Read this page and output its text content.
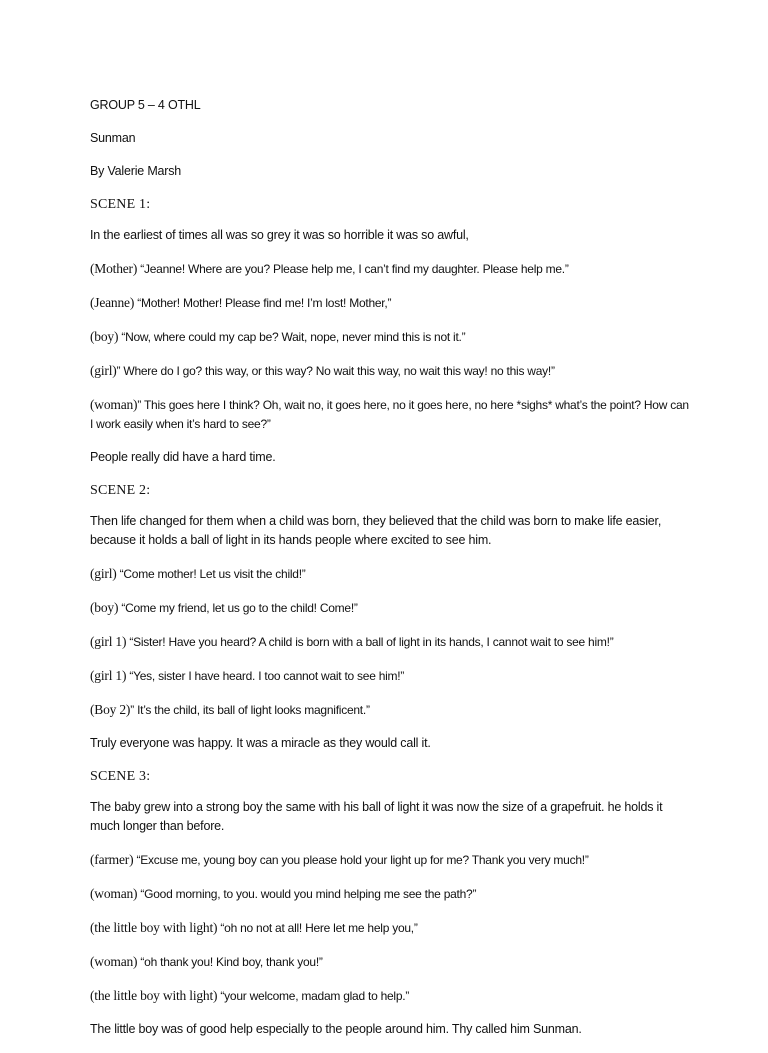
GROUP 5 – 4 OTHL

Sunman

By Valerie Marsh

SCENE 1:

In the earliest of times all was so grey it was so horrible it was so awful,

(Mother) “Jeanne! Where are you? Please help me, I can’t find my daughter. Please help me.”

(Jeanne) “Mother! Mother! Please find me! I’m lost! Mother,”

(boy) “Now, where could my cap be? Wait, nope, never mind this is not it.”

(girl)” Where do I go? this way, or this way? No wait this way, no wait this way! no this way!”

(woman)” This goes here I think? Oh, wait no, it goes here, no it goes here, no here *sighs* what’s the point? How can I work easily when it’s hard to see?”

People really did have a hard time.

SCENE 2:

Then life changed for them when a child was born, they believed that the child was born to make life easier, because it holds a ball of light in its hands people where excited to see him.

(girl) “Come mother! Let us visit the child!”

(boy) “Come my friend, let us go to the child! Come!”

(girl 1) “Sister! Have you heard? A child is born with a ball of light in its hands, I cannot wait to see him!”

(girl 1) “Yes, sister I have heard. I too cannot wait to see him!”

(Boy 2)” It’s the child, its ball of light looks magnificent.”

Truly everyone was happy. It was a miracle as they would call it.

SCENE 3:

The baby grew into a strong boy the same with his ball of light it was now the size of a grapefruit. he holds it much longer than before.

(farmer) “Excuse me, young boy can you please hold your light up for me? Thank you very much!”

(woman) “Good morning, to you. would you mind helping me see the path?”

(the little boy with light) “oh no not at all! Here let me help you,”

(woman) “oh thank you! Kind boy, thank you!”

(the little boy with light) “your welcome, madam glad to help.”

The little boy was of good help especially to the people around him. Thy called him Sunman.
